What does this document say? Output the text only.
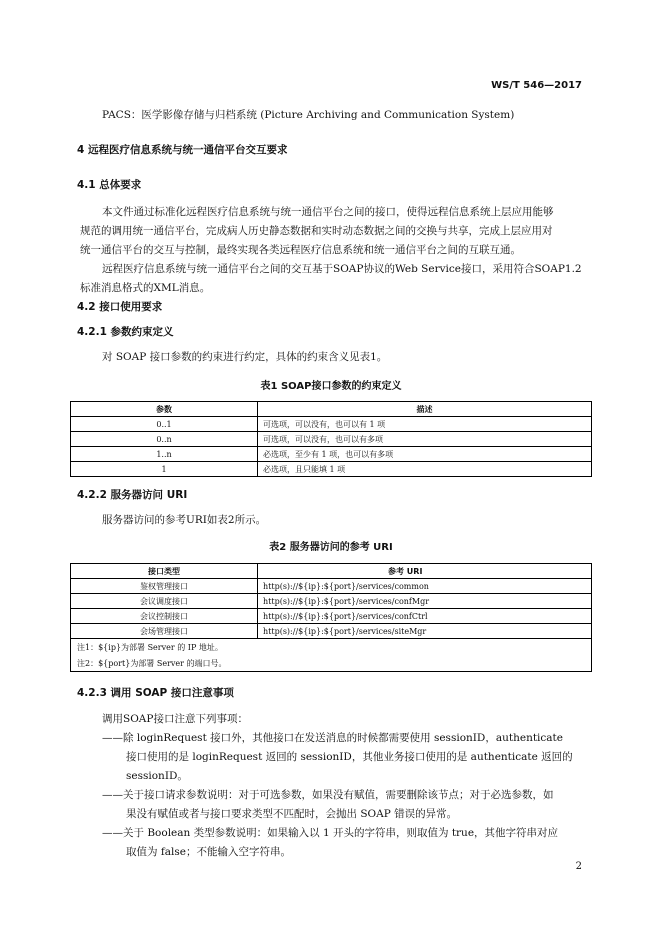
WS/T 546—2017
PACS：医学影像存储与归档系统 (Picture Archiving and Communication System)
4 远程医疗信息系统与统一通信平台交互要求
4.1 总体要求
本文件通过标准化远程医疗信息系统与统一通信平台之间的接口，使得远程信息系统上层应用能够
规范的调用统一通信平台，完成病人历史静态数据和实时动态数据之间的交换与共享，完成上层应用对
统一通信平台的交互与控制，最终实现各类远程医疗信息系统和统一通信平台之间的互联互通。
远程医疗信息系统与统一通信平台之间的交互基于SOAP协议的Web Service接口，采用符合SOAP1.2
标准消息格式的XML消息。
4.2 接口使用要求
4.2.1 参数约束定义
对 SOAP 接口参数的约束进行约定，具体的约束含义见表1。
表1 SOAP接口参数的约束定义
参数	描述
0..1	可选项，可以没有，也可以有 1 项
0..n	可选项，可以没有，也可以有多项
1..n	必选项，至少有 1 项，也可以有多项
1	必选项，且只能填 1 项
4.2.2 服务器访问 URI
服务器访问的参考URI如表2所示。
表2 服务器访问的参考 URI
接口类型	参考 URI
鉴权管理接口	http(s)://${ip}:${port}/services/common
会议调度接口	http(s)://${ip}:${port}/services/confMgr
会议控制接口	http(s)://${ip}:${port}/services/confCtrl
会场管理接口	http(s)://${ip}:${port}/services/siteMgr
注1：${ip}为部署 Server 的 IP 地址。	
注2：${port}为部署 Server 的端口号。	
4.2.3 调用 SOAP 接口注意事项
调用SOAP接口注意下列事项：
——除 loginRequest 接口外，其他接口在发送消息的时候都需要使用 sessionID，authenticate
接口使用的是 loginRequest 返回的 sessionID，其他业务接口使用的是 authenticate 返回的
sessionID。
——关于接口请求参数说明：对于可选参数，如果没有赋值，需要删除该节点；对于必选参数，如
果没有赋值或者与接口要求类型不匹配时，会抛出 SOAP 错误的异常。
——关于 Boolean 类型参数说明：如果输入以 1 开头的字符串，则取值为 true，其他字符串对应
取值为 false；不能输入空字符串。
2
